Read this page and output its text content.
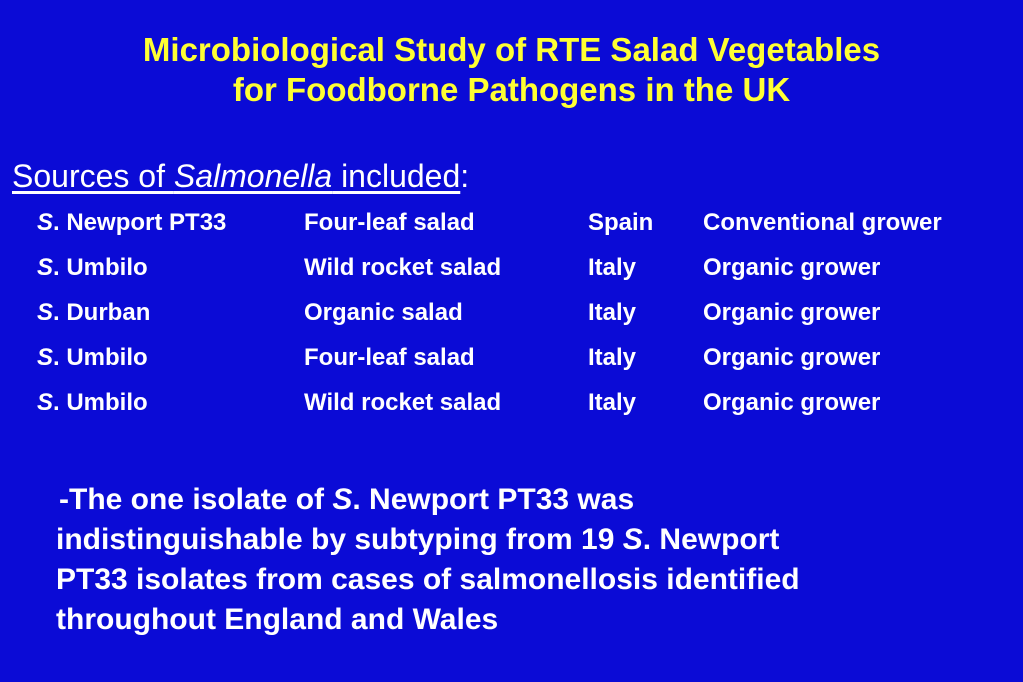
Microbiological Study of RTE Salad Vegetables
for Foodborne Pathogens in the UK
Sources of Salmonella included:
S. Newport PT33	Four-leaf salad	Spain	Conventional grower
S. Umbilo	Wild rocket salad	Italy	Organic grower
S. Durban	Organic salad	Italy	Organic grower
S. Umbilo	Four-leaf salad	Italy	Organic grower
S. Umbilo	Wild rocket salad	Italy	Organic grower

-The one isolate of S. Newport PT33 was
indistinguishable by subtyping from 19 S. Newport
PT33 isolates from cases of salmonellosis identified
throughout England and Wales
